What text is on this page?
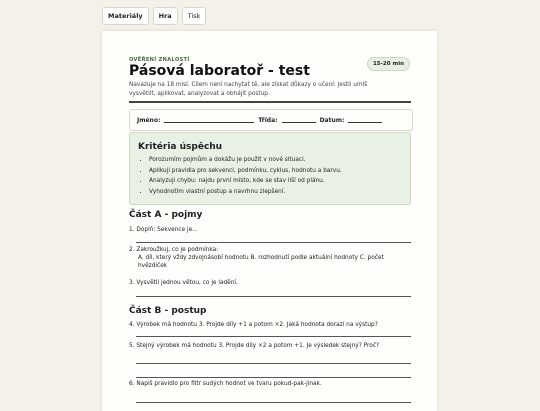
Materiály	Hra	Tisk
OVĚŘENÍ ZNALOSTÍ
Pásová laboratoř - test	15-20 min
Navazuje na 18 misí. Cílem není nachytat tě, ale získat důkazy o učení: jestli umíš vysvětlit, aplikovat, analyzovat a obhájit postup.
Jméno:	Třída:	Datum:
Kritéria úspěchu
• Porozumím pojmům a dokážu je použít v nové situaci.
• Aplikuji pravidla pro sekvenci, podmínku, cyklus, hodnotu a barvu.
• Analyzuji chybu: najdu první místo, kde se stav liší od plánu.
• Vyhodnotím vlastní postup a navrhnu zlepšení.
Část A - pojmy
1. Doplň: Sekvence je...
2. Zakroužkuj, co je podmínka:
A. díl, který vždy zdvojnásobí hodnotu B. rozhodnutí podle aktuální hodnoty C. počet hvězdiček
3. Vysvětli jednou větou, co je ladění.
Část B - postup
4. Výrobek má hodnotu 3. Projde díly +1 a potom ×2. Jaká hodnota dorazí na výstup?
5. Stejný výrobek má hodnotu 3. Projde díly ×2 a potom +1. Je výsledek stejný? Proč?
6. Napiš pravidlo pro filtr sudých hodnot ve tvaru pokud-pak-jinak.
